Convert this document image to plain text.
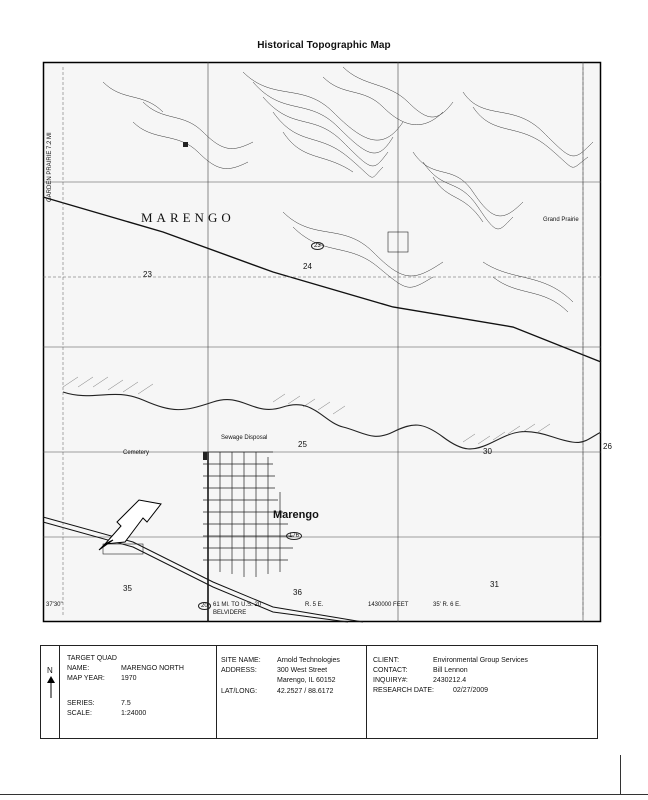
Historical Topographic Map
MARENGO
Marengo
Grand Prairie
Cemetery
Sewage Disposal
23
24
25	26
30
31
35	36
37'30"	R. 5 E.	35' R. 6 E.
1430000 FEET
GARDEN PRAIRIE 7.2 MI
61 MI. TO U.S. 20
BELVIDERE
23
176
20
N
TARGET QUAD
NAME:	MARENGO NORTH
MAP YEAR: 1970
SERIES:	7.5
SCALE:	1:24000
SITE NAME: Arnold Technologies
ADDRESS:	300 West Street
Marengo, IL 60152
LAT/LONG:	42.2527 / 88.6172
CLIENT:	Environmental Group Services
CONTACT:	Bill Lennon
INQUIRY#:	2430212.4
RESEARCH DATE:	02/27/2009
